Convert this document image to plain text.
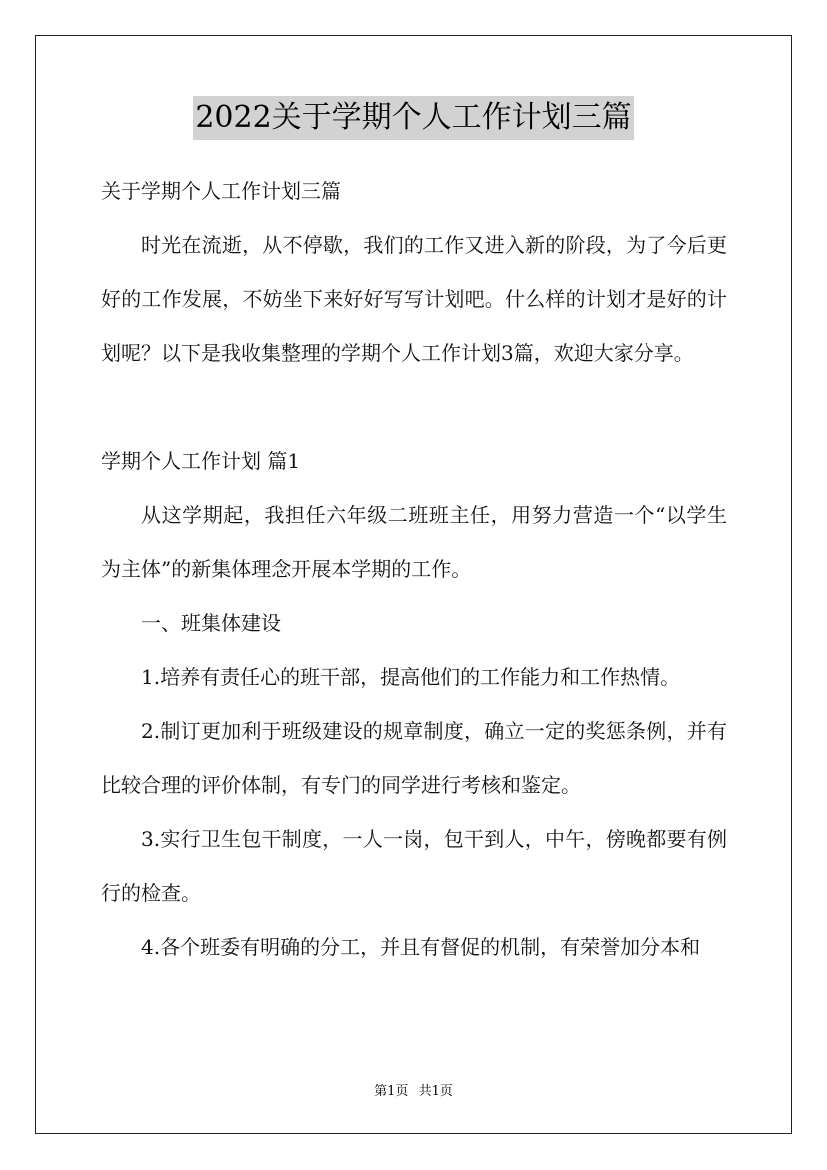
2022关于学期个人工作计划三篇

关于学期个人工作计划三篇

时光在流逝，从不停歇，我们的工作又进入新的阶段，为了今后更好的工作发展，不妨坐下来好好写写计划吧。什么样的计划才是好的计划呢？以下是我收集整理的学期个人工作计划3篇，欢迎大家分享。

学期个人工作计划 篇1

从这学期起，我担任六年级二班班主任，用努力营造一个“以学生为主体”的新集体理念开展本学期的工作。

一、班集体建设

1.培养有责任心的班干部，提高他们的工作能力和工作热情。

2.制订更加利于班级建设的规章制度，确立一定的奖惩条例，并有比较合理的评价体制，有专门的同学进行考核和鉴定。

3.实行卫生包干制度，一人一岗，包干到人，中午，傍晚都要有例行的检查。

4.各个班委有明确的分工，并且有督促的机制，有荣誉加分本和

第1页 共1页
